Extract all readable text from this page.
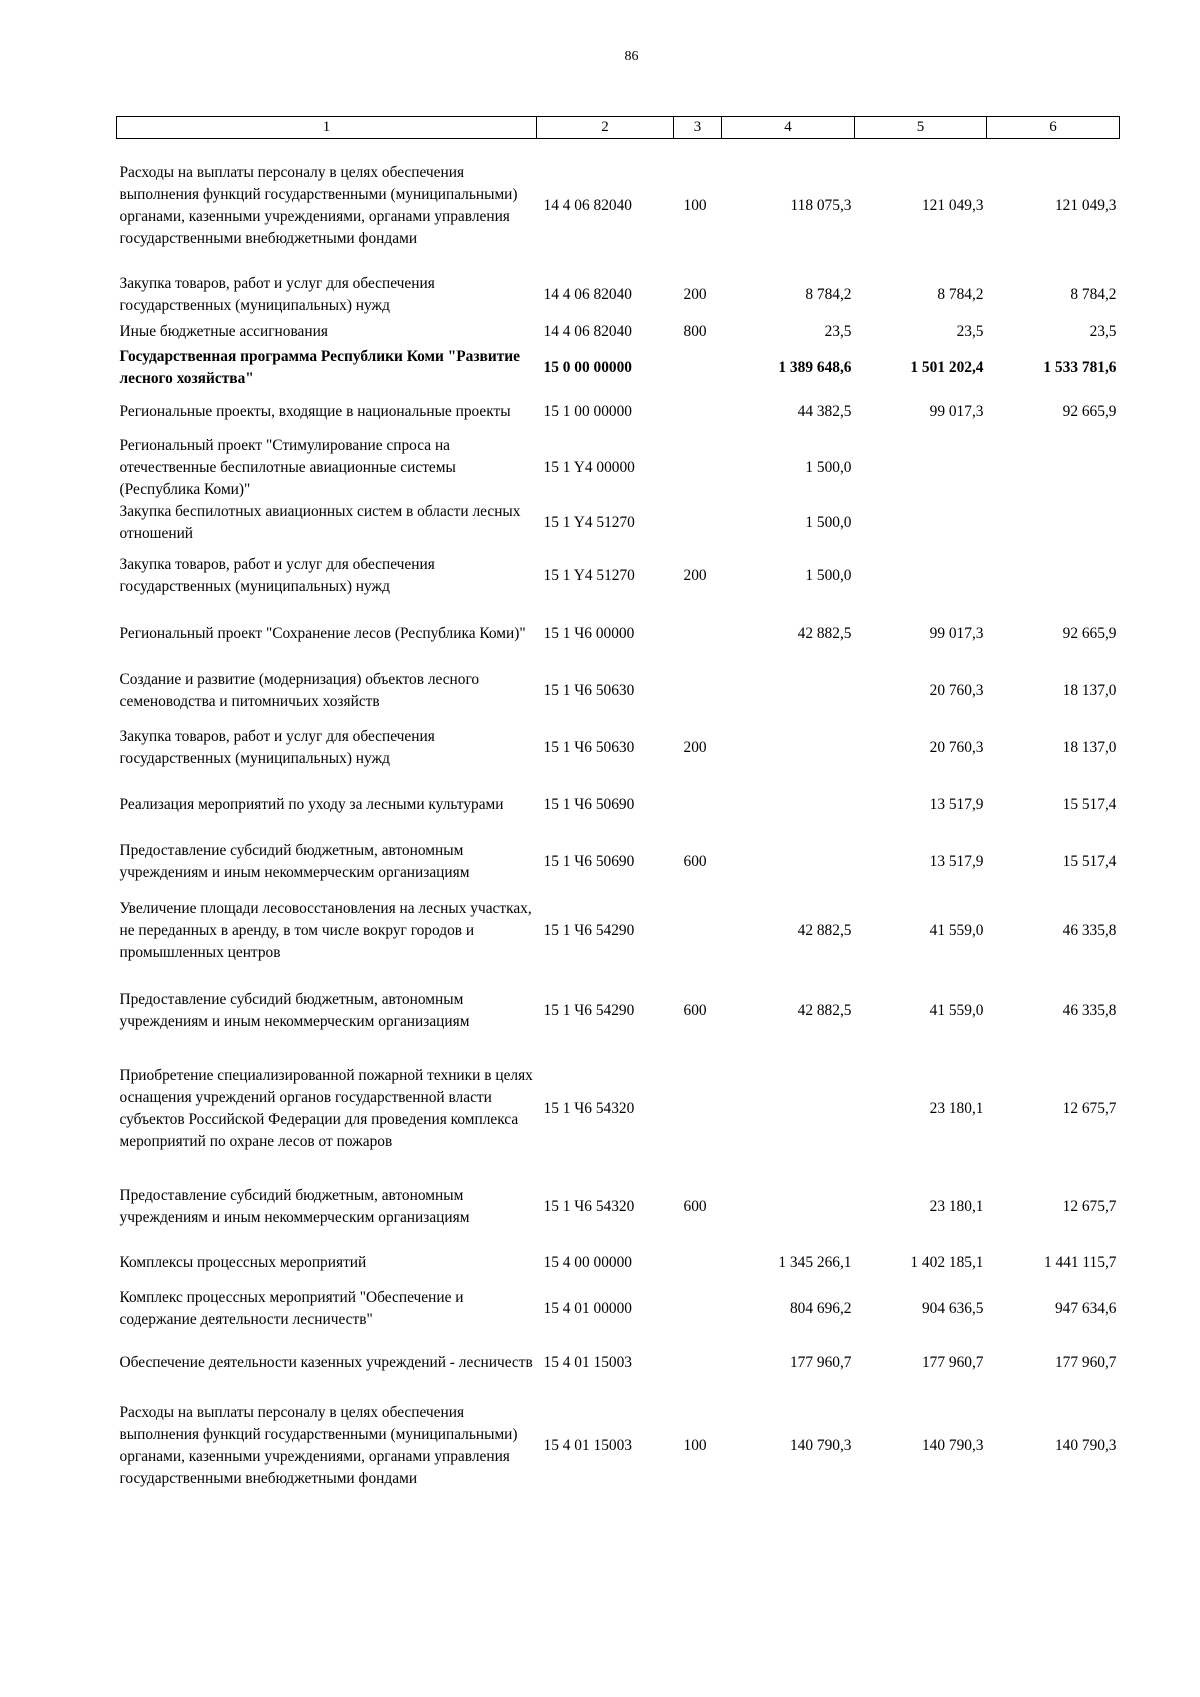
86
1	2	3	4	5	6
Расходы на выплаты персоналу в целях обеспечения выполнения функций государственными (муниципальными) органами, казенными учреждениями, органами управления государственными внебюджетными фондами	14 4 06 82040	100	118 075,3	121 049,3	121 049,3
Закупка товаров, работ и услуг для обеспечения государственных (муниципальных) нужд	14 4 06 82040	200	8 784,2	8 784,2	8 784,2
Иные бюджетные ассигнования	14 4 06 82040	800	23,5	23,5	23,5
Государственная программа Республики Коми "Развитие лесного хозяйства"	15 0 00 00000		1 389 648,6	1 501 202,4	1 533 781,6
Региональные проекты, входящие в национальные проекты	15 1 00 00000		44 382,5	99 017,3	92 665,9
Региональный проект "Стимулирование спроса на отечественные беспилотные авиационные системы (Республика Коми)"	15 1 Y4 00000		1 500,0		
Закупка беспилотных авиационных систем в области лесных отношений	15 1 Y4 51270		1 500,0		
Закупка товаров, работ и услуг для обеспечения государственных (муниципальных) нужд	15 1 Y4 51270	200	1 500,0		
Региональный проект "Сохранение лесов (Республика Коми)"	15 1 Ч6 00000		42 882,5	99 017,3	92 665,9
Создание и развитие (модернизация) объектов лесного семеноводства и питомничьих хозяйств	15 1 Ч6 50630			20 760,3	18 137,0
Закупка товаров, работ и услуг для обеспечения государственных (муниципальных) нужд	15 1 Ч6 50630	200		20 760,3	18 137,0
Реализация мероприятий по уходу за лесными культурами	15 1 Ч6 50690			13 517,9	15 517,4
Предоставление субсидий бюджетным, автономным учреждениям и иным некоммерческим организациям	15 1 Ч6 50690	600		13 517,9	15 517,4
Увеличение площади лесовосстановления на лесных участках, не переданных в аренду, в том числе вокруг городов и промышленных центров	15 1 Ч6 54290		42 882,5	41 559,0	46 335,8
Предоставление субсидий бюджетным, автономным учреждениям и иным некоммерческим организациям	15 1 Ч6 54290	600	42 882,5	41 559,0	46 335,8
Приобретение специализированной пожарной техники в целях оснащения учреждений органов государственной власти субъектов Российской Федерации для проведения комплекса мероприятий по охране лесов от пожаров	15 1 Ч6 54320			23 180,1	12 675,7
Предоставление субсидий бюджетным, автономным учреждениям и иным некоммерческим организациям	15 1 Ч6 54320	600		23 180,1	12 675,7
Комплексы процессных мероприятий	15 4 00 00000		1 345 266,1	1 402 185,1	1 441 115,7
Комплекс процессных мероприятий "Обеспечение и содержание деятельности лесничеств"	15 4 01 00000		804 696,2	904 636,5	947 634,6
Обеспечение деятельности казенных учреждений - лесничеств	15 4 01 15003		177 960,7	177 960,7	177 960,7
Расходы на выплаты персоналу в целях обеспечения выполнения функций государственными (муниципальными) органами, казенными учреждениями, органами управления государственными внебюджетными фондами	15 4 01 15003	100	140 790,3	140 790,3	140 790,3
